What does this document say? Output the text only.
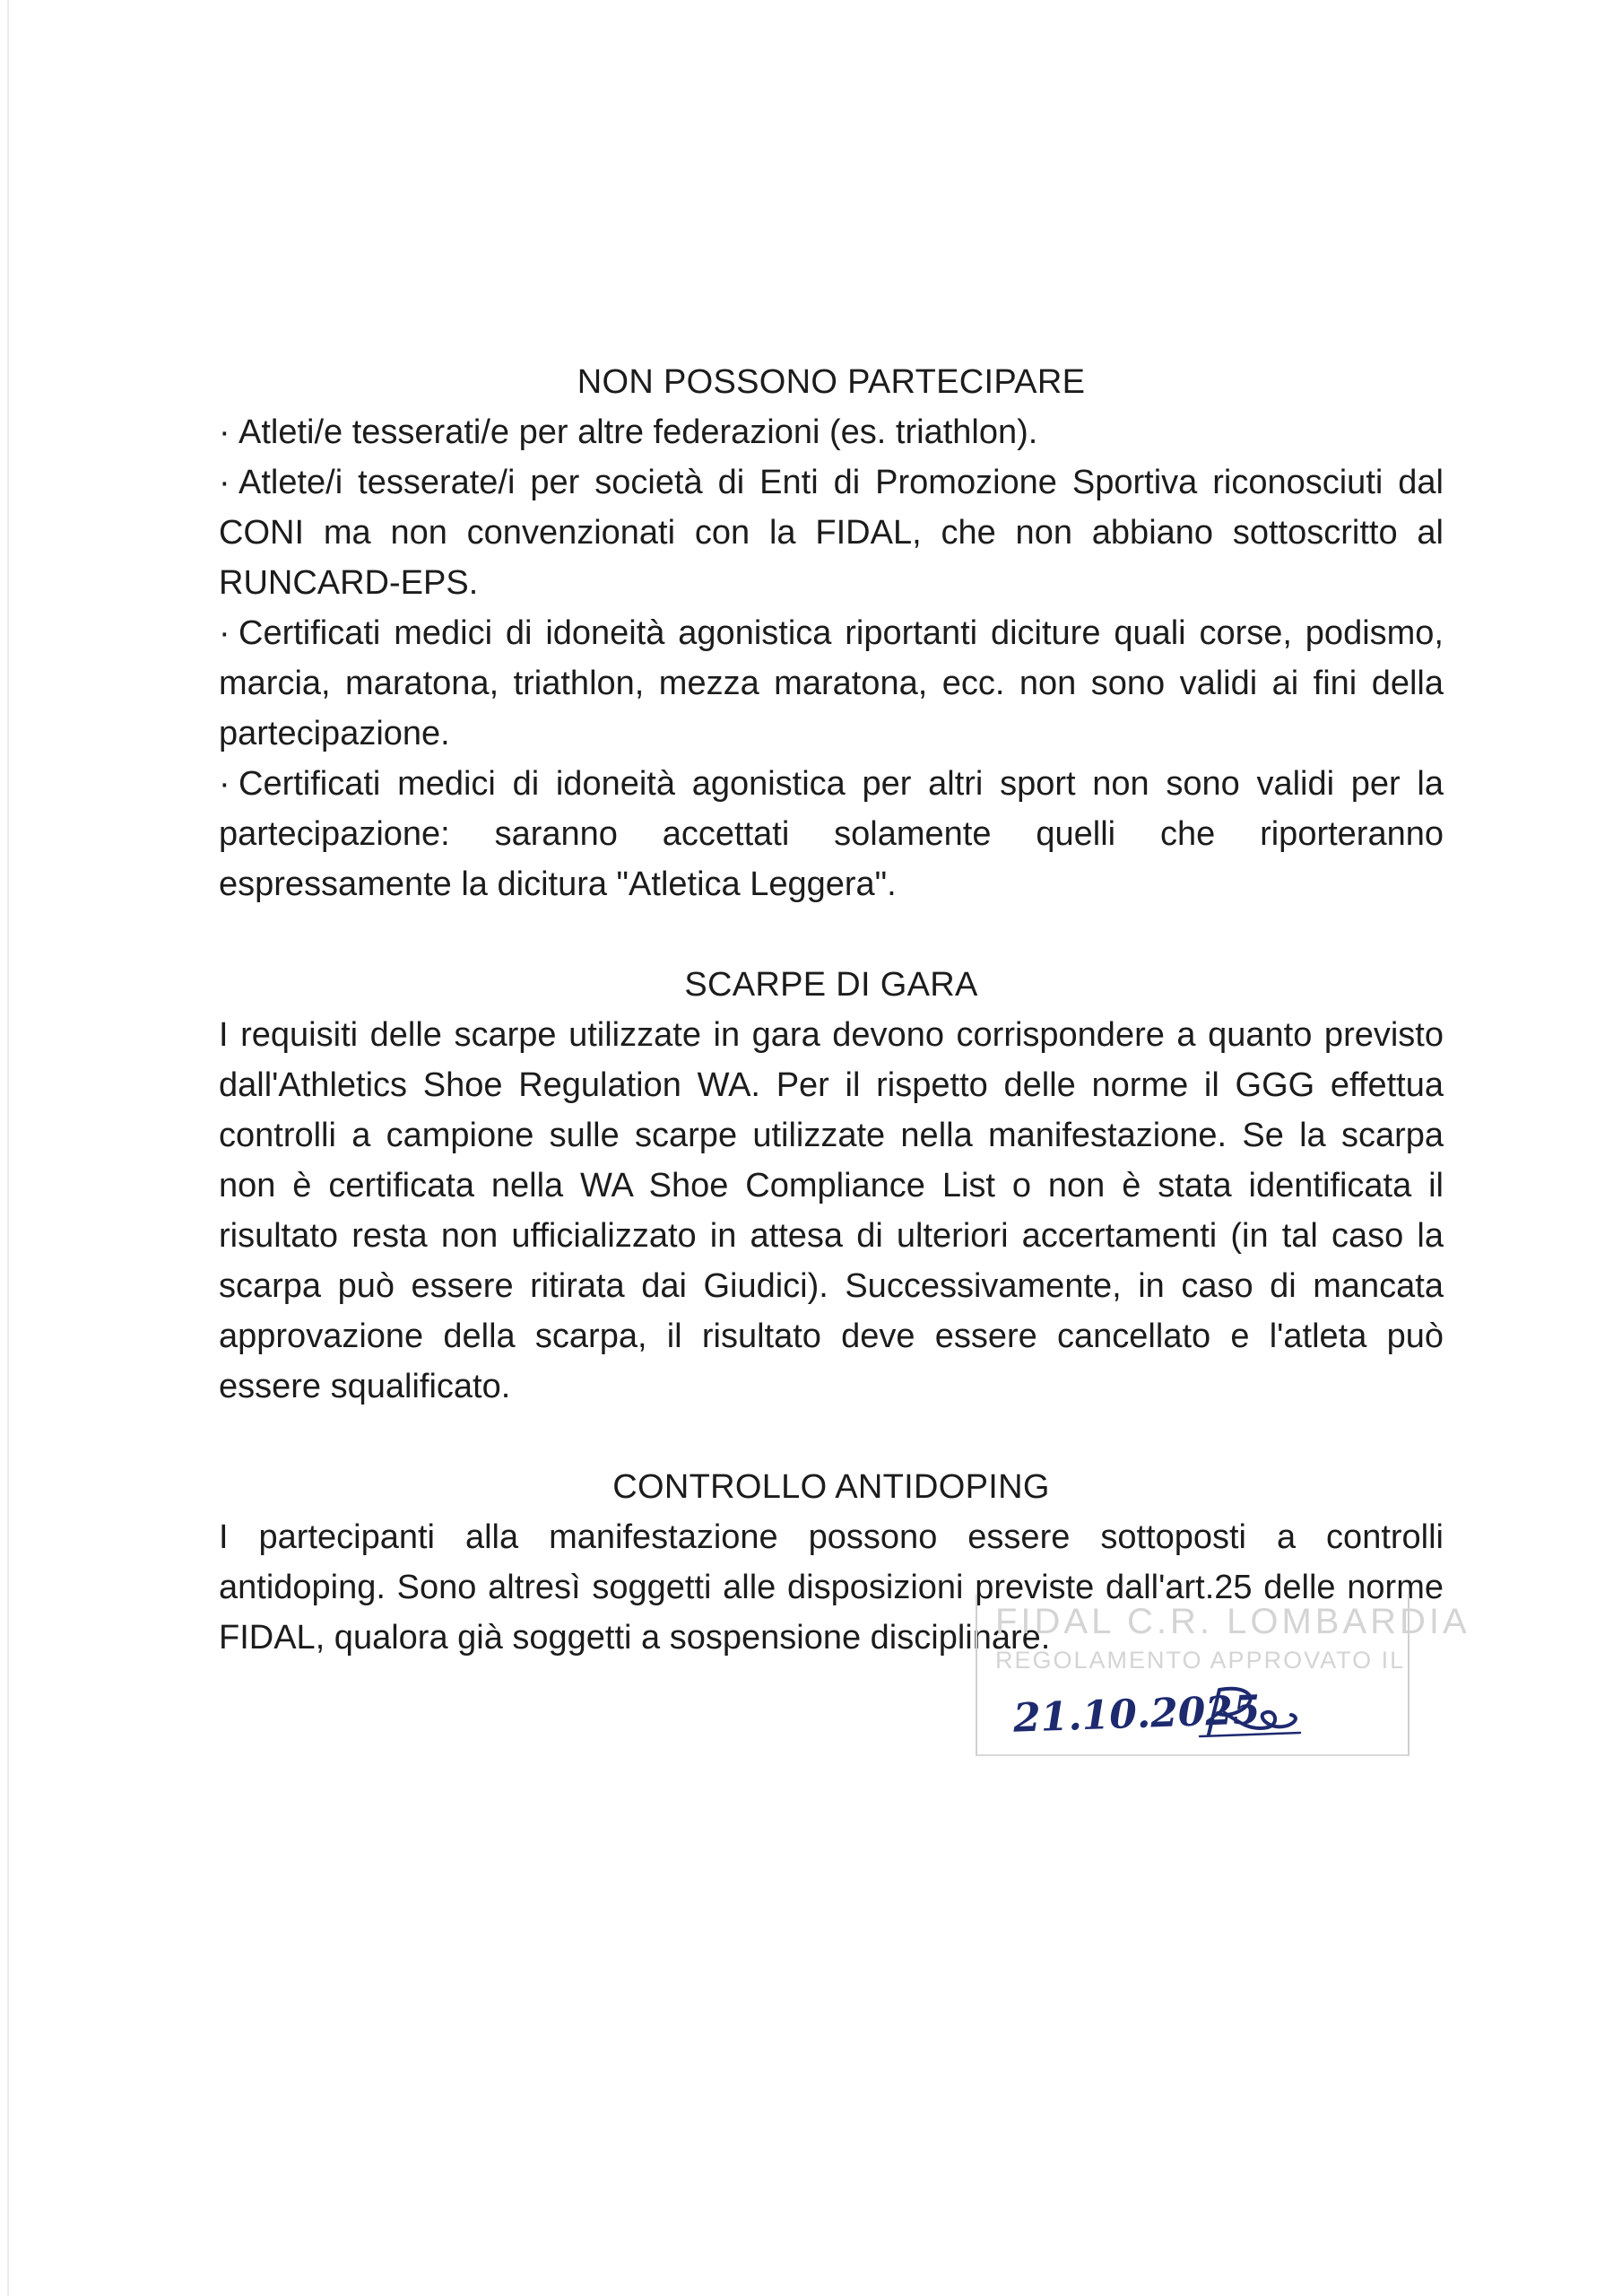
NON POSSONO PARTECIPARE

· Atleti/e tesserati/e per altre federazioni (es. triathlon).

· Atlete/i tesserate/i per società di Enti di Promozione Sportiva riconosciuti dal CONI ma non convenzionati con la FIDAL, che non abbiano sottoscritto al RUNCARD-EPS.

· Certificati medici di idoneità agonistica riportanti diciture quali corse, podismo, marcia, maratona, triathlon, mezza maratona, ecc. non sono validi ai fini della partecipazione.

· Certificati medici di idoneità agonistica per altri sport non sono validi per la partecipazione: saranno accettati solamente quelli che riporteranno espressamente la dicitura "Atletica Leggera".

SCARPE DI GARA

I requisiti delle scarpe utilizzate in gara devono corrispondere a quanto previsto dall'Athletics Shoe Regulation WA. Per il rispetto delle norme il GGG effettua controlli a campione sulle scarpe utilizzate nella manifestazione. Se la scarpa non è certificata nella WA Shoe Compliance List o non è stata identificata il risultato resta non ufficializzato in attesa di ulteriori accertamenti (in tal caso la scarpa può essere ritirata dai Giudici). Successivamente, in caso di mancata approvazione della scarpa, il risultato deve essere cancellato e l'atleta può essere squalificato.

CONTROLLO ANTIDOPING

I partecipanti alla manifestazione possono essere sottoposti a controlli antidoping. Sono altresì soggetti alle disposizioni previste dall'art.25 delle norme FIDAL, qualora già soggetti a sospensione disciplinare.

FIDAL C.R. LOMBARDIA
REGOLAMENTO APPROVATO IL
21.10.2025
